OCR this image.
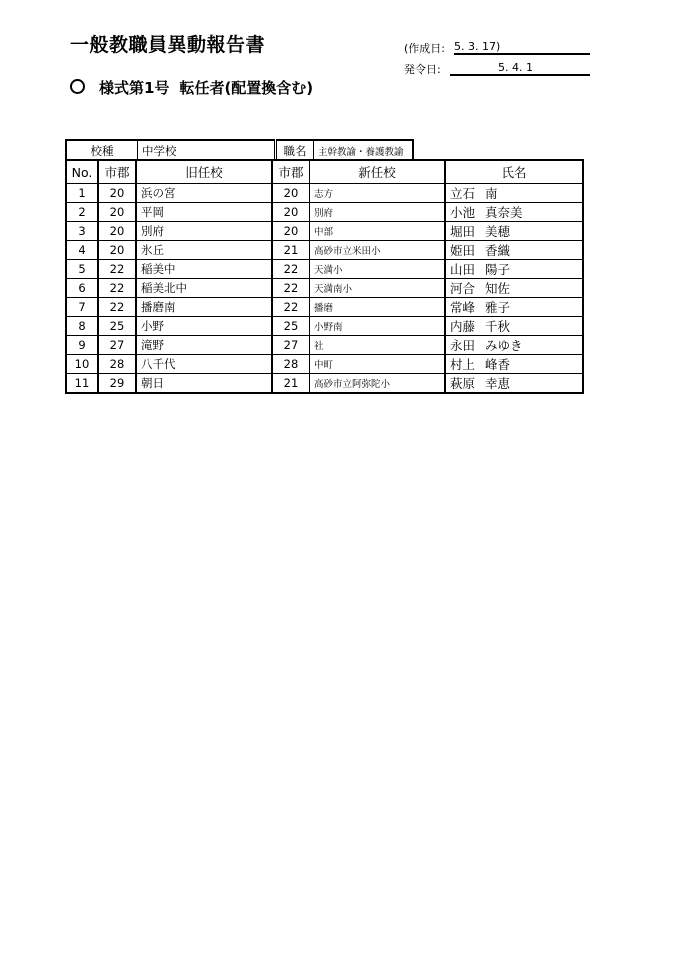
一般教職員異動報告書	(作成日: 5. 3. 17)
発令日:	5. 4. 1
様式第1号 転任者(配置換含む)
校種	中学校		職名	主幹教諭・養護教諭
No.	市郡	旧任校	市郡	新任校	氏名
1	20	浜の宮	20	志方	立石 南
2	20	平岡	20	別府	小池 真奈美
3	20	別府	20	中部	堀田 美穂
4	20	氷丘	21	高砂市立米田小	姫田 香織
5	22	稲美中	22	天満小	山田 陽子
6	22	稲美北中	22	天満南小	河合 知佐
7	22	播磨南	22	播磨	常峰 雅子
8	25	小野	25	小野南	内藤 千秋
9	27	滝野	27	社	永田 みゆき
10	28	八千代	28	中町	村上 峰香
11	29	朝日	21	高砂市立阿弥陀小	萩原 幸恵
